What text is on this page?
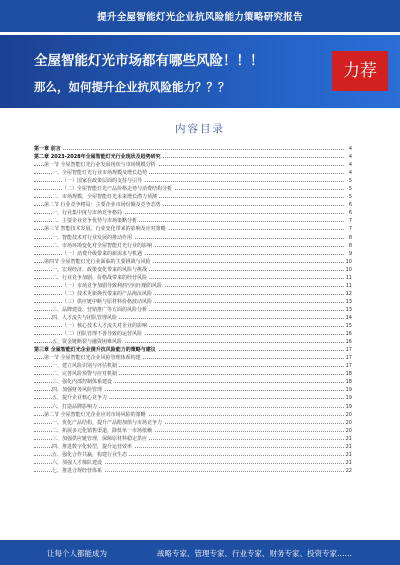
提升全屋智能灯光企业抗风险能力策略研究报告
全屋智能灯光市场都有哪些风险！！！
那么，如何提升企业抗风险能力？？？
力荐
内容目录
第一章 前言	4
第二章 2023-2028年全屋智能灯光行业现状及趋势研究	4
第一节 全屋智能灯光行业发展现状与市场规模分析	4
一、全屋智能灯光行业市场规模及增长趋势	4
（一）国家在政策层面的支持与引导	5
（二）全屋智能灯光产品价格走势与消费结构分析	5
二、市场规模、全屋智能灯光未来增长潜力预测	5
第二节 行业竞争格局：主要企业市场份额及竞争态势	6
一、行业集中度与市场竞争格局	6
二、主要企业竞争优势与市场策略分析	7
第三节 智能技术发展、行业变化带来的影响及应对策略	7
一、智能技术对行业发展的推动作用	8
二、市场环境变化对全屋智能灯光行业的影响	8
（一）消费升级带来的新需求与机遇	9
第四节 全屋智能灯光行业面临的主要挑战与风险	10
一、宏观经济、政策变化带来的风险与挑战	10
二、行业竞争加剧、价格战带来的经营风险	11
（一）市场竞争加剧导致利润空间压缩的风险	11
（二）技术更新换代带来的产品淘汰风险	12
（三）供应链中断与原材料价格波动风险	13
三、品牌建设、营销推广等方面的风险分析	13
四、人才流失与团队管理风险	14
（一）核心技术人才流失对企业的影响	15
（二）团队管理不善导致的运营风险	16
五、资金链断裂与融资困难风险	16
第三章 全屋智能灯光企业提升抗风险能力的策略与建议	17
第一节 全屋智能灯光企业风险管理体系构建	17
一、建立风险识别与评估机制	17
二、完善风险预警与应对机制	18
三、强化内部控制体系建设	18
四、加强财务风险管理	19
五、提升企业核心竞争力	19
六、打造品牌影响力	19
第二节 全屋智能灯光企业应对市场风险的策略	20
一、优化产品结构，提升产品附加值与市场竞争力	20
二、拓展多元化销售渠道，降低单一市场依赖	20
三、加强供应链管理，保障原材料稳定供应	21
四、推进数字化转型，提升运营效率	21
五、强化合作共赢，构建行业生态	21
六、加强人才梯队建设	21
七、推进合规经营体系	22
让每个人都能成为	战略专家、管理专家、行业专家、财务专家、投资专家……
